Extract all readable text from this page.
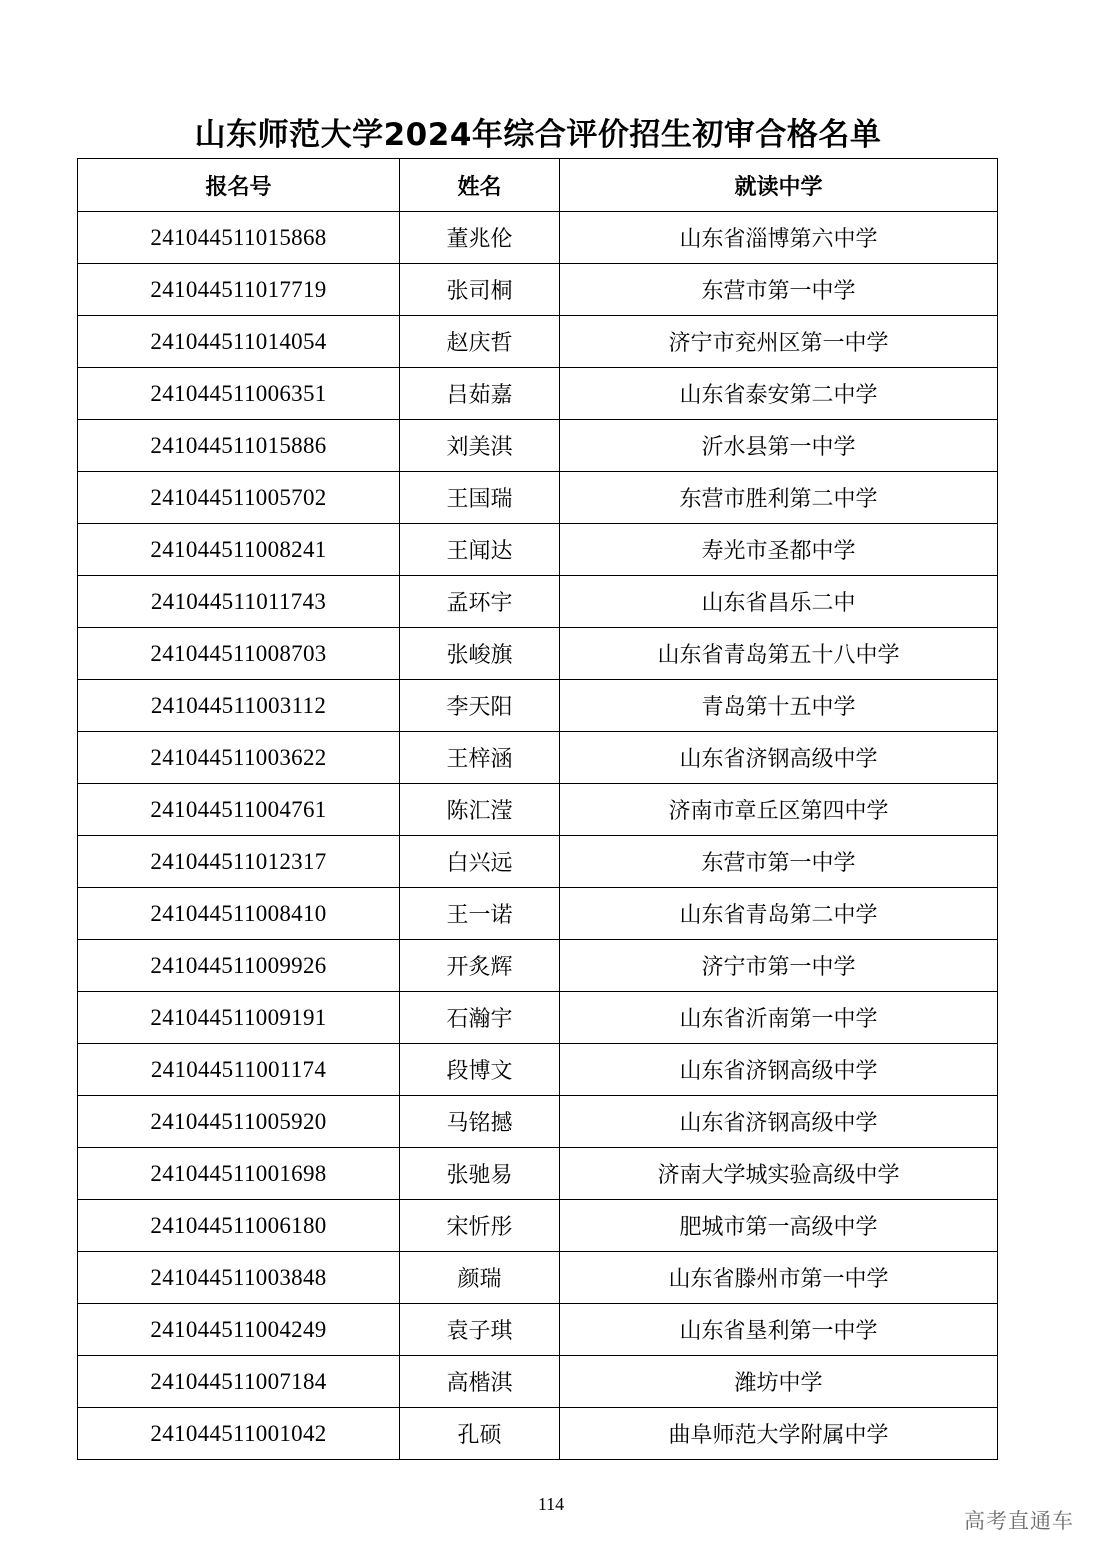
山东师范大学2024年综合评价招生初审合格名单
报名号	姓名	就读中学
241044511015868	董兆伦	山东省淄博第六中学
241044511017719	张司桐	东营市第一中学
241044511014054	赵庆哲	济宁市兖州区第一中学
241044511006351	吕茹嘉	山东省泰安第二中学
241044511015886	刘美淇	沂水县第一中学
241044511005702	王国瑞	东营市胜利第二中学
241044511008241	王闻达	寿光市圣都中学
241044511011743	孟环宇	山东省昌乐二中
241044511008703	张峻旗	山东省青岛第五十八中学
241044511003112	李天阳	青岛第十五中学
241044511003622	王梓涵	山东省济钢高级中学
241044511004761	陈汇滢	济南市章丘区第四中学
241044511012317	白兴远	东营市第一中学
241044511008410	王一诺	山东省青岛第二中学
241044511009926	开炙辉	济宁市第一中学
241044511009191	石瀚宇	山东省沂南第一中学
241044511001174	段博文	山东省济钢高级中学
241044511005920	马铭撼	山东省济钢高级中学
241044511001698	张驰易	济南大学城实验高级中学
241044511006180	宋忻彤	肥城市第一高级中学
241044511003848	颜瑞	山东省滕州市第一中学
241044511004249	袁子琪	山东省垦利第一中学
241044511007184	高楷淇	潍坊中学
241044511001042	孔硕	曲阜师范大学附属中学
114
高考直通车
